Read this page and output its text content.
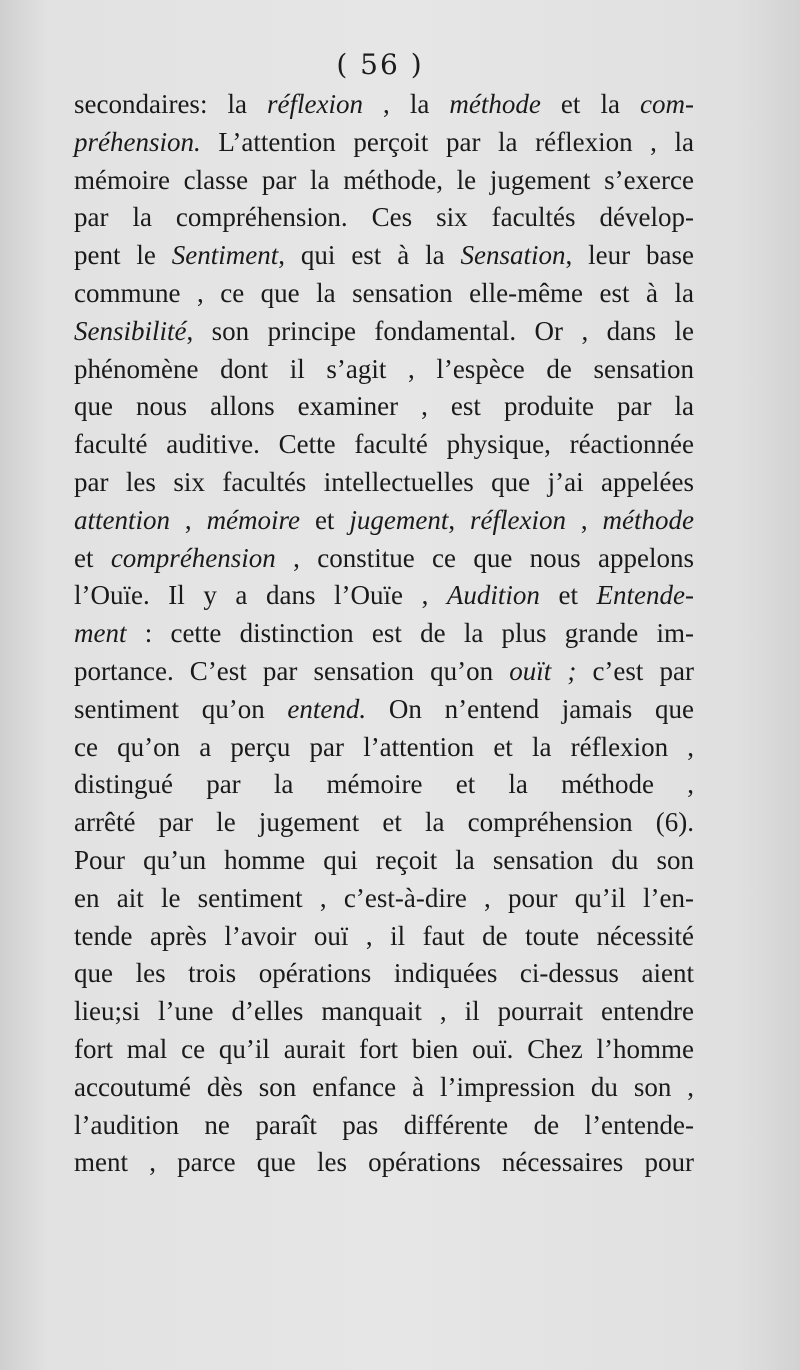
( 56 )
secondaires: la réflexion , la méthode et la com-
préhension. L’attention perçoit par la réflexion , la
mémoire classe par la méthode, le jugement s’exerce
par la compréhension. Ces six facultés dévelop-
pent le Sentiment, qui est à la Sensation, leur base
commune , ce que la sensation elle-même est à la
Sensibilité, son principe fondamental. Or , dans le
phénomène dont il s’agit , l’espèce de sensation
que nous allons examiner , est produite par la
faculté auditive. Cette faculté physique, réactionnée
par les six facultés intellectuelles que j’ai appelées
attention , mémoire et jugement, réflexion , méthode
et compréhension , constitue ce que nous appelons
l’Ouïe. Il y a dans l’Ouïe , Audition et Entende-
ment : cette distinction est de la plus grande im-
portance. C’est par sensation qu’on ouït ; c’est par
sentiment qu’on entend. On n’entend jamais que
ce qu’on a perçu par l’attention et la réflexion ,
distingué par la mémoire et la méthode ,
arrêté par le jugement et la compréhension (6).
Pour qu’un homme qui reçoit la sensation du son
en ait le sentiment , c’est-à-dire , pour qu’il l’en-
tende après l’avoir ouï , il faut de toute nécessité
que les trois opérations indiquées ci-dessus aient
lieu;si l’une d’elles manquait , il pourrait entendre
fort mal ce qu’il aurait fort bien ouï. Chez l’homme
accoutumé dès son enfance à l’impression du son ,
l’audition ne paraît pas différente de l’entende-
ment , parce que les opérations nécessaires pour
